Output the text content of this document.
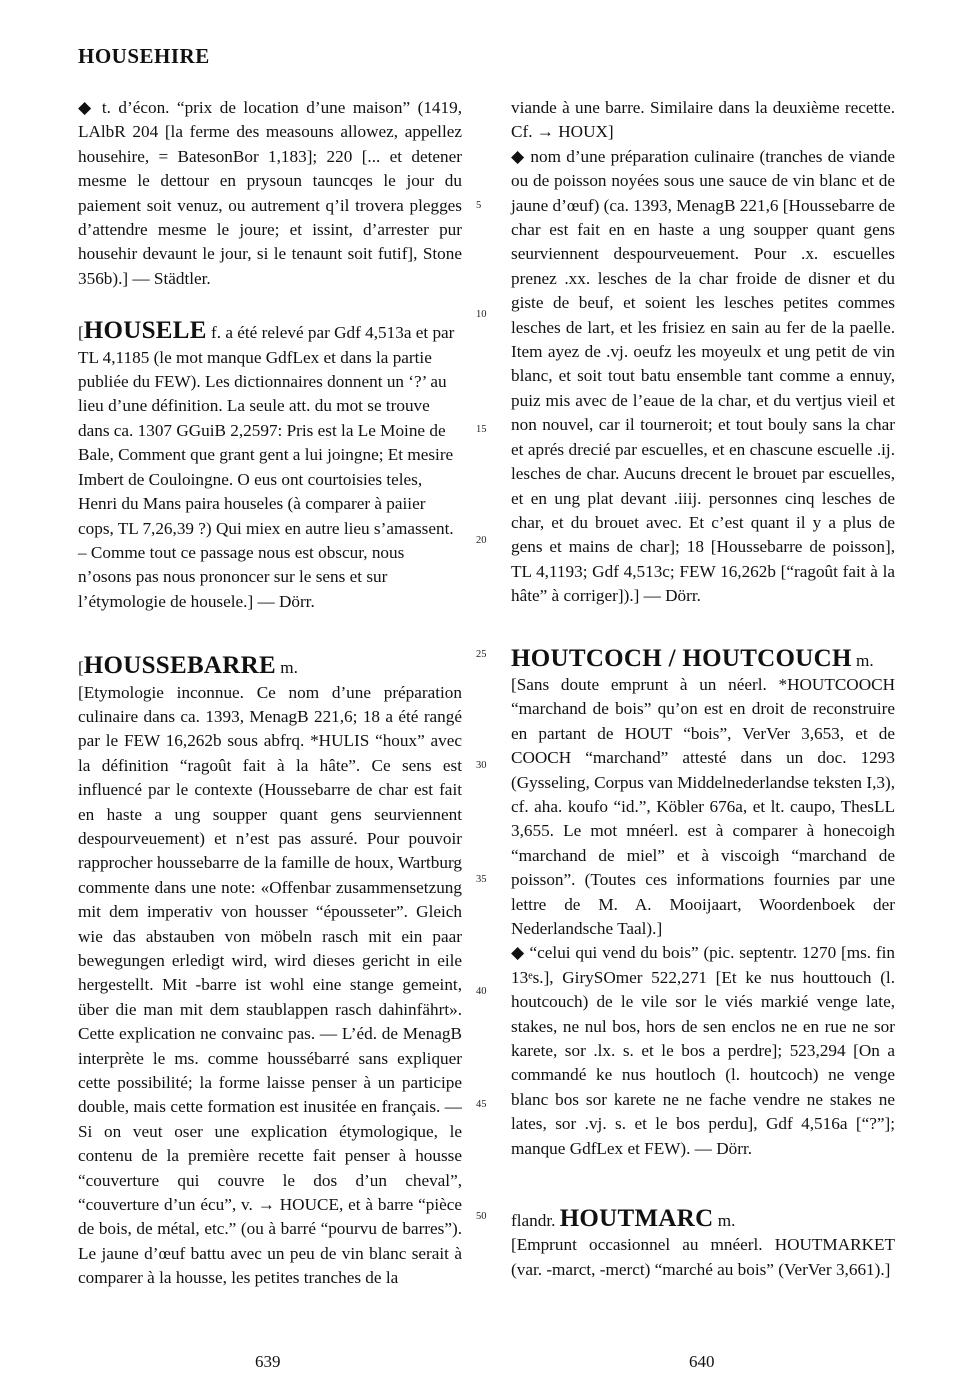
HOUSEHIRE

◆ t. d’écon. “prix de location d’une maison” (1419, LAlbR 204 [la ferme des measouns allowez, appellez househire, = BatesonBor 1,183]; 220 [... et detener mesme le dettour en prysoun tauncqes le jour du paiement soit venuz, ou autrement q’il trovera plegges d’attendre mesme le joure; et issint, d’arrester pur househir devaunt le jour, si le tenaunt soit futif], Stone 356b).] — Städtler.

[HOUSELE f. a été relevé par Gdf 4,513a et par TL 4,1185 (le mot manque GdfLex et dans la partie publiée du FEW). Les dictionnaires donnent un ‘?’ au lieu d’une définition. La seule att. du mot se trouve dans ca. 1307 GGuiB 2,2597: Pris est la Le Moine de Bale, Comment que grant gent a lui joingne; Et mesire Imbert de Couloingne. O eus ont courtoisies teles, Henri du Mans paira houseles (à comparer à paiier cops, TL 7,26,39 ?) Qui miex en autre lieu s’amassent. – Comme tout ce passage nous est obscur, nous n’osons pas nous prononcer sur le sens et sur l’étymologie de housele.] — Dörr.

[HOUSSEBARRE m.

[Etymologie inconnue. Ce nom d’une préparation culinaire dans ca. 1393, MenagB 221,6; 18 a été rangé par le FEW 16,262b sous abfrq. *HULIS “houx” avec la définition “ragoût fait à la hâte”. Ce sens est influencé par le contexte (Houssebarre de char est fait en haste a ung soupper quant gens seurviennent despourveuement) et n’est pas assuré. Pour pouvoir rapprocher houssebarre de la famille de houx, Wartburg commente dans une note: «Offenbar zusammensetzung mit dem imperativ von housser “épousseter”. Gleich wie das abstauben von möbeln rasch mit ein paar bewegungen erledigt wird, wird dieses gericht in eile hergestellt. Mit -barre ist wohl eine stange gemeint, über die man mit dem staublappen rasch dahinfährt». Cette explication ne convainc pas. — L’éd. de MenagB interprète le ms. comme houssébarré sans expliquer cette possibilité; la forme laisse penser à un participe double, mais cette formation est inusitée en français. — Si on veut oser une explication étymologique, le contenu de la première recette fait penser à housse “couverture qui couvre le dos d’un cheval”, “couverture d’un écu”, v. → HOUCE, et à barre “pièce de bois, de métal, etc.” (ou à barré “pourvu de barres”). Le jaune d’œuf battu avec un peu de vin blanc serait à comparer à la housse, les petites tranches de la

5
10
15
20
25
30
35
40
45
50

viande à une barre. Similaire dans la deuxième recette. Cf. → HOUX]

◆ nom d’une préparation culinaire (tranches de viande ou de poisson noyées sous une sauce de vin blanc et de jaune d’œuf) (ca. 1393, MenagB 221,6 [Houssebarre de char est fait en en haste a ung soupper quant gens seurviennent despourveuement. Pour .x. escuelles prenez .xx. lesches de la char froide de disner et du giste de beuf, et soient les lesches petites commes lesches de lart, et les frisiez en sain au fer de la paelle. Item ayez de .vj. oeufz les moyeulx et ung petit de vin blanc, et soit tout batu ensemble tant comme a ennuy, puiz mis avec de l’eaue de la char, et du vertjus vieil et non nouvel, car il tourneroit; et tout bouly sans la char et aprés drecié par escuelles, et en chascune escuelle .ij. lesches de char. Aucuns drecent le brouet par escuelles, et en ung plat devant .iiij. personnes cinq lesches de char, et du brouet avec. Et c’est quant il y a plus de gens et mains de char]; 18 [Houssebarre de poisson], TL 4,1193; Gdf 4,513c; FEW 16,262b [“ragoût fait à la hâte” à corriger]).] — Dörr.

HOUTCOCH / HOUTCOUCH m.

[Sans doute emprunt à un néerl. *HOUTCOOCH “marchand de bois” qu’on est en droit de reconstruire en partant de HOUT “bois”, VerVer 3,653, et de COOCH “marchand” attesté dans un doc. 1293 (Gysseling, Corpus van Middelnederlandse teksten I,3), cf. aha. koufo “id.”, Köbler 676a, et lt. caupo, ThesLL 3,655. Le mot mnéerl. est à comparer à honecoigh “marchand de miel” et à viscoigh “marchand de poisson”. (Toutes ces informations fournies par une lettre de M. A. Mooijaart, Woordenboek der Nederlandsche Taal).]

◆ “celui qui vend du bois” (pic. septentr. 1270 [ms. fin 13ᵉs.], GirySOmer 522,271 [Et ke nus houttouch (l. houtcouch) de le vile sor le viés markié venge late, stakes, ne nul bos, hors de sen enclos ne en rue ne sor karete, sor .lx. s. et le bos a perdre]; 523,294 [On a commandé ke nus houtloch (l. houtcoch) ne venge blanc bos sor karete ne ne fache vendre ne stakes ne lates, sor .vj. s. et le bos perdu], Gdf 4,516a [“?”]; manque GdfLex et FEW). — Dörr.

flandr. HOUTMARC m.

[Emprunt occasionnel au mnéerl. HOUTMARKET (var. -marct, -merct) “marché au bois” (VerVer 3,661).]

639	640
